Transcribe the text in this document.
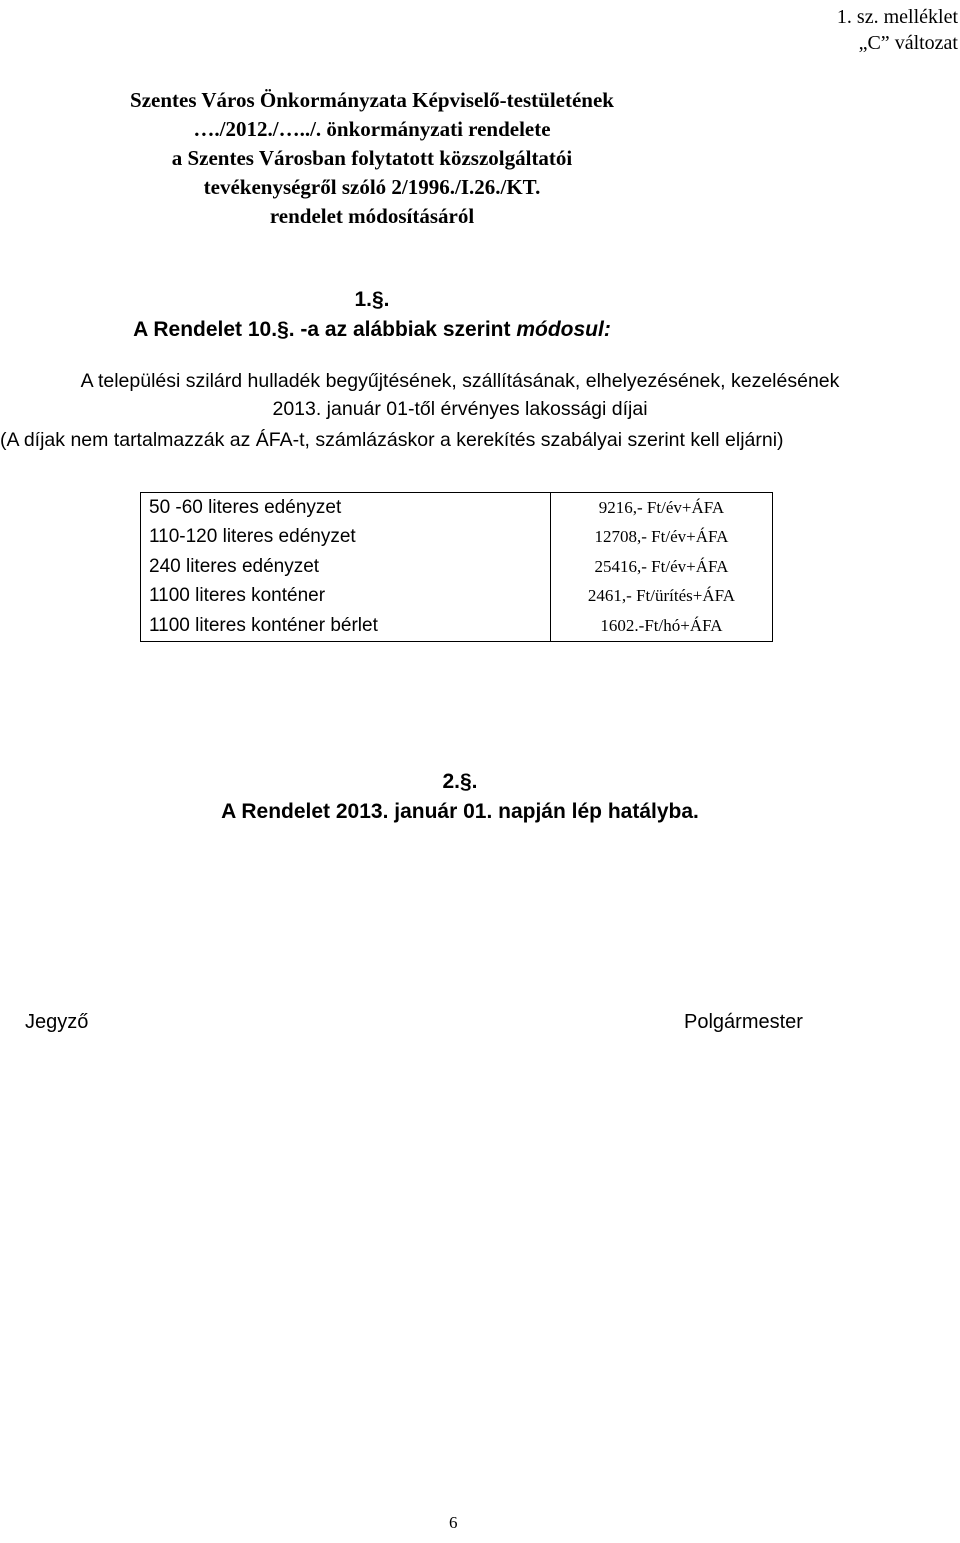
1. sz. melléklet
„C” változat
Szentes Város Önkormányzata Képviselő-testületének
…./2012./…../. önkormányzati rendelete
a Szentes Városban folytatott közszolgáltatói
tevékenységről szóló 2/1996./I.26./KT.
rendelet módosításáról
1.§.
A Rendelet 10.§. -a az alábbiak szerint módosul:
A települési szilárd hulladék begyűjtésének, szállításának, elhelyezésének, kezelésének
2013. január 01-től érvényes lakossági díjai
(A díjak nem tartalmazzák az ÁFA-t, számlázáskor a kerekítés szabályai szerint kell eljárni)
50 -60 literes edényzet	9216,- Ft/év+ÁFA
110-120 literes edényzet	12708,- Ft/év+ÁFA
240 literes edényzet	25416,- Ft/év+ÁFA
1100 literes konténer	2461,- Ft/ürítés+ÁFA
1100 literes konténer bérlet	1602.-Ft/hó+ÁFA
2.§.
A Rendelet 2013. január 01. napján lép hatályba.
Jegyző	Polgármester
6
